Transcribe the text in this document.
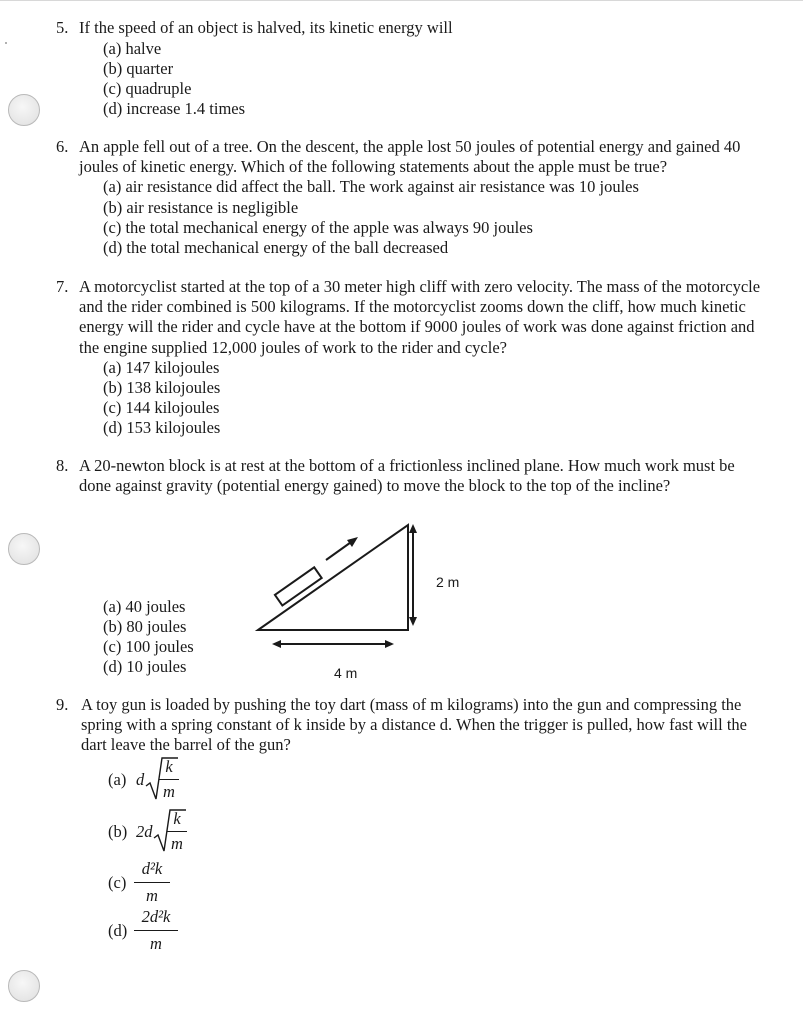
5. If the speed of an object is halved, its kinetic energy will
(a) halve
(b) quarter
(c) quadruple
(d) increase 1.4 times
6. An apple fell out of a tree. On the descent, the apple lost 50 joules of potential energy and gained 40
joules of kinetic energy. Which of the following statements about the apple must be true?
(a) air resistance did affect the ball. The work against air resistance was 10 joules
(b) air resistance is negligible
(c) the total mechanical energy of the apple was always 90 joules
(d) the total mechanical energy of the ball decreased
7. A motorcyclist started at the top of a 30 meter high cliff with zero velocity. The mass of the motorcycle
and the rider combined is 500 kilograms. If the motorcyclist zooms down the cliff, how much kinetic
energy will the rider and cycle have at the bottom if 9000 joules of work was done against friction and
the engine supplied 12,000 joules of work to the rider and cycle?
(a) 147 kilojoules
(b) 138 kilojoules
(c) 144 kilojoules
(d) 153 kilojoules
8. A 20-newton block is at rest at the bottom of a frictionless inclined plane. How much work must be
done against gravity (potential energy gained) to move the block to the top of the incline?
(a) 40 joules
(b) 80 joules
(c) 100 joules
(d) 10 joules
2 m
4 m
9. A toy gun is loaded by pushing the toy dart (mass of m kilograms) into the gun and compressing the
spring with a spring constant of k inside by a distance d. When the trigger is pulled, how fast will the
dart leave the barrel of the gun?
(a) d
k
m
(b) 2d
k
m
(c)
d²k
m
(d)
2d²k
m
